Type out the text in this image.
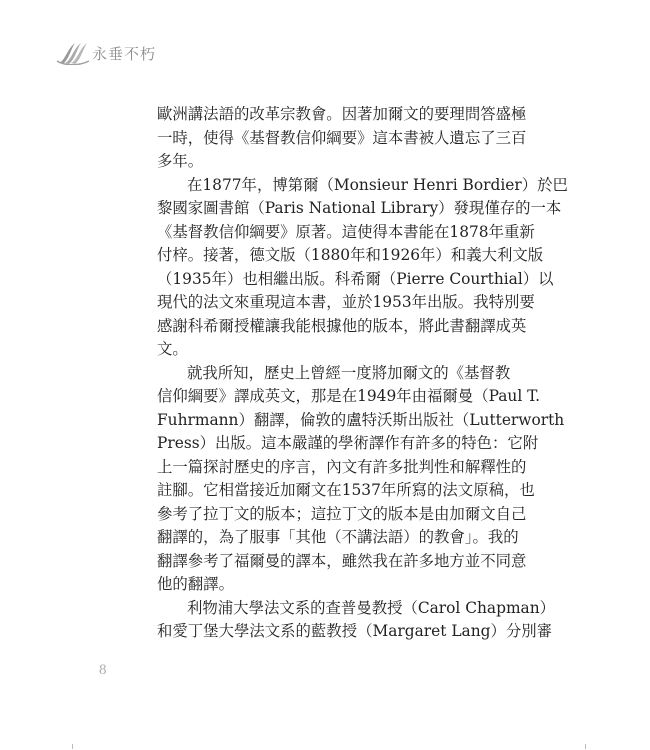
永垂不朽

歐洲講法語的改革宗教會。因著加爾文的要理問答盛極
一時，使得《基督教信仰綱要》這本書被人遺忘了三百
多年。

在1877年，博第爾（Monsieur Henri Bordier）於巴
黎國家圖書館（Paris National Library）發現僅存的一本
《基督教信仰綱要》原著。這使得本書能在1878年重新
付梓。接著，德文版（1880年和1926年）和義大利文版
（1935年）也相繼出版。科希爾（Pierre Courthial）以
現代的法文來重現這本書，並於1953年出版。我特別要
感謝科希爾授權讓我能根據他的版本，將此書翻譯成英
文。

就我所知，歷史上曾經一度將加爾文的《基督教
信仰綱要》譯成英文，那是在1949年由福爾曼（Paul T.
Fuhrmann）翻譯，倫敦的盧特沃斯出版社（Lutterworth
Press）出版。這本嚴謹的學術譯作有許多的特色：它附
上一篇探討歷史的序言，內文有許多批判性和解釋性的
註腳。它相當接近加爾文在1537年所寫的法文原稿，也
參考了拉丁文的版本；這拉丁文的版本是由加爾文自己
翻譯的，為了服事「其他（不講法語）的教會」。我的
翻譯參考了福爾曼的譯本，雖然我在許多地方並不同意
他的翻譯。

利物浦大學法文系的查普曼教授（Carol Chapman）
和愛丁堡大學法文系的藍教授（Margaret Lang）分別審

8
